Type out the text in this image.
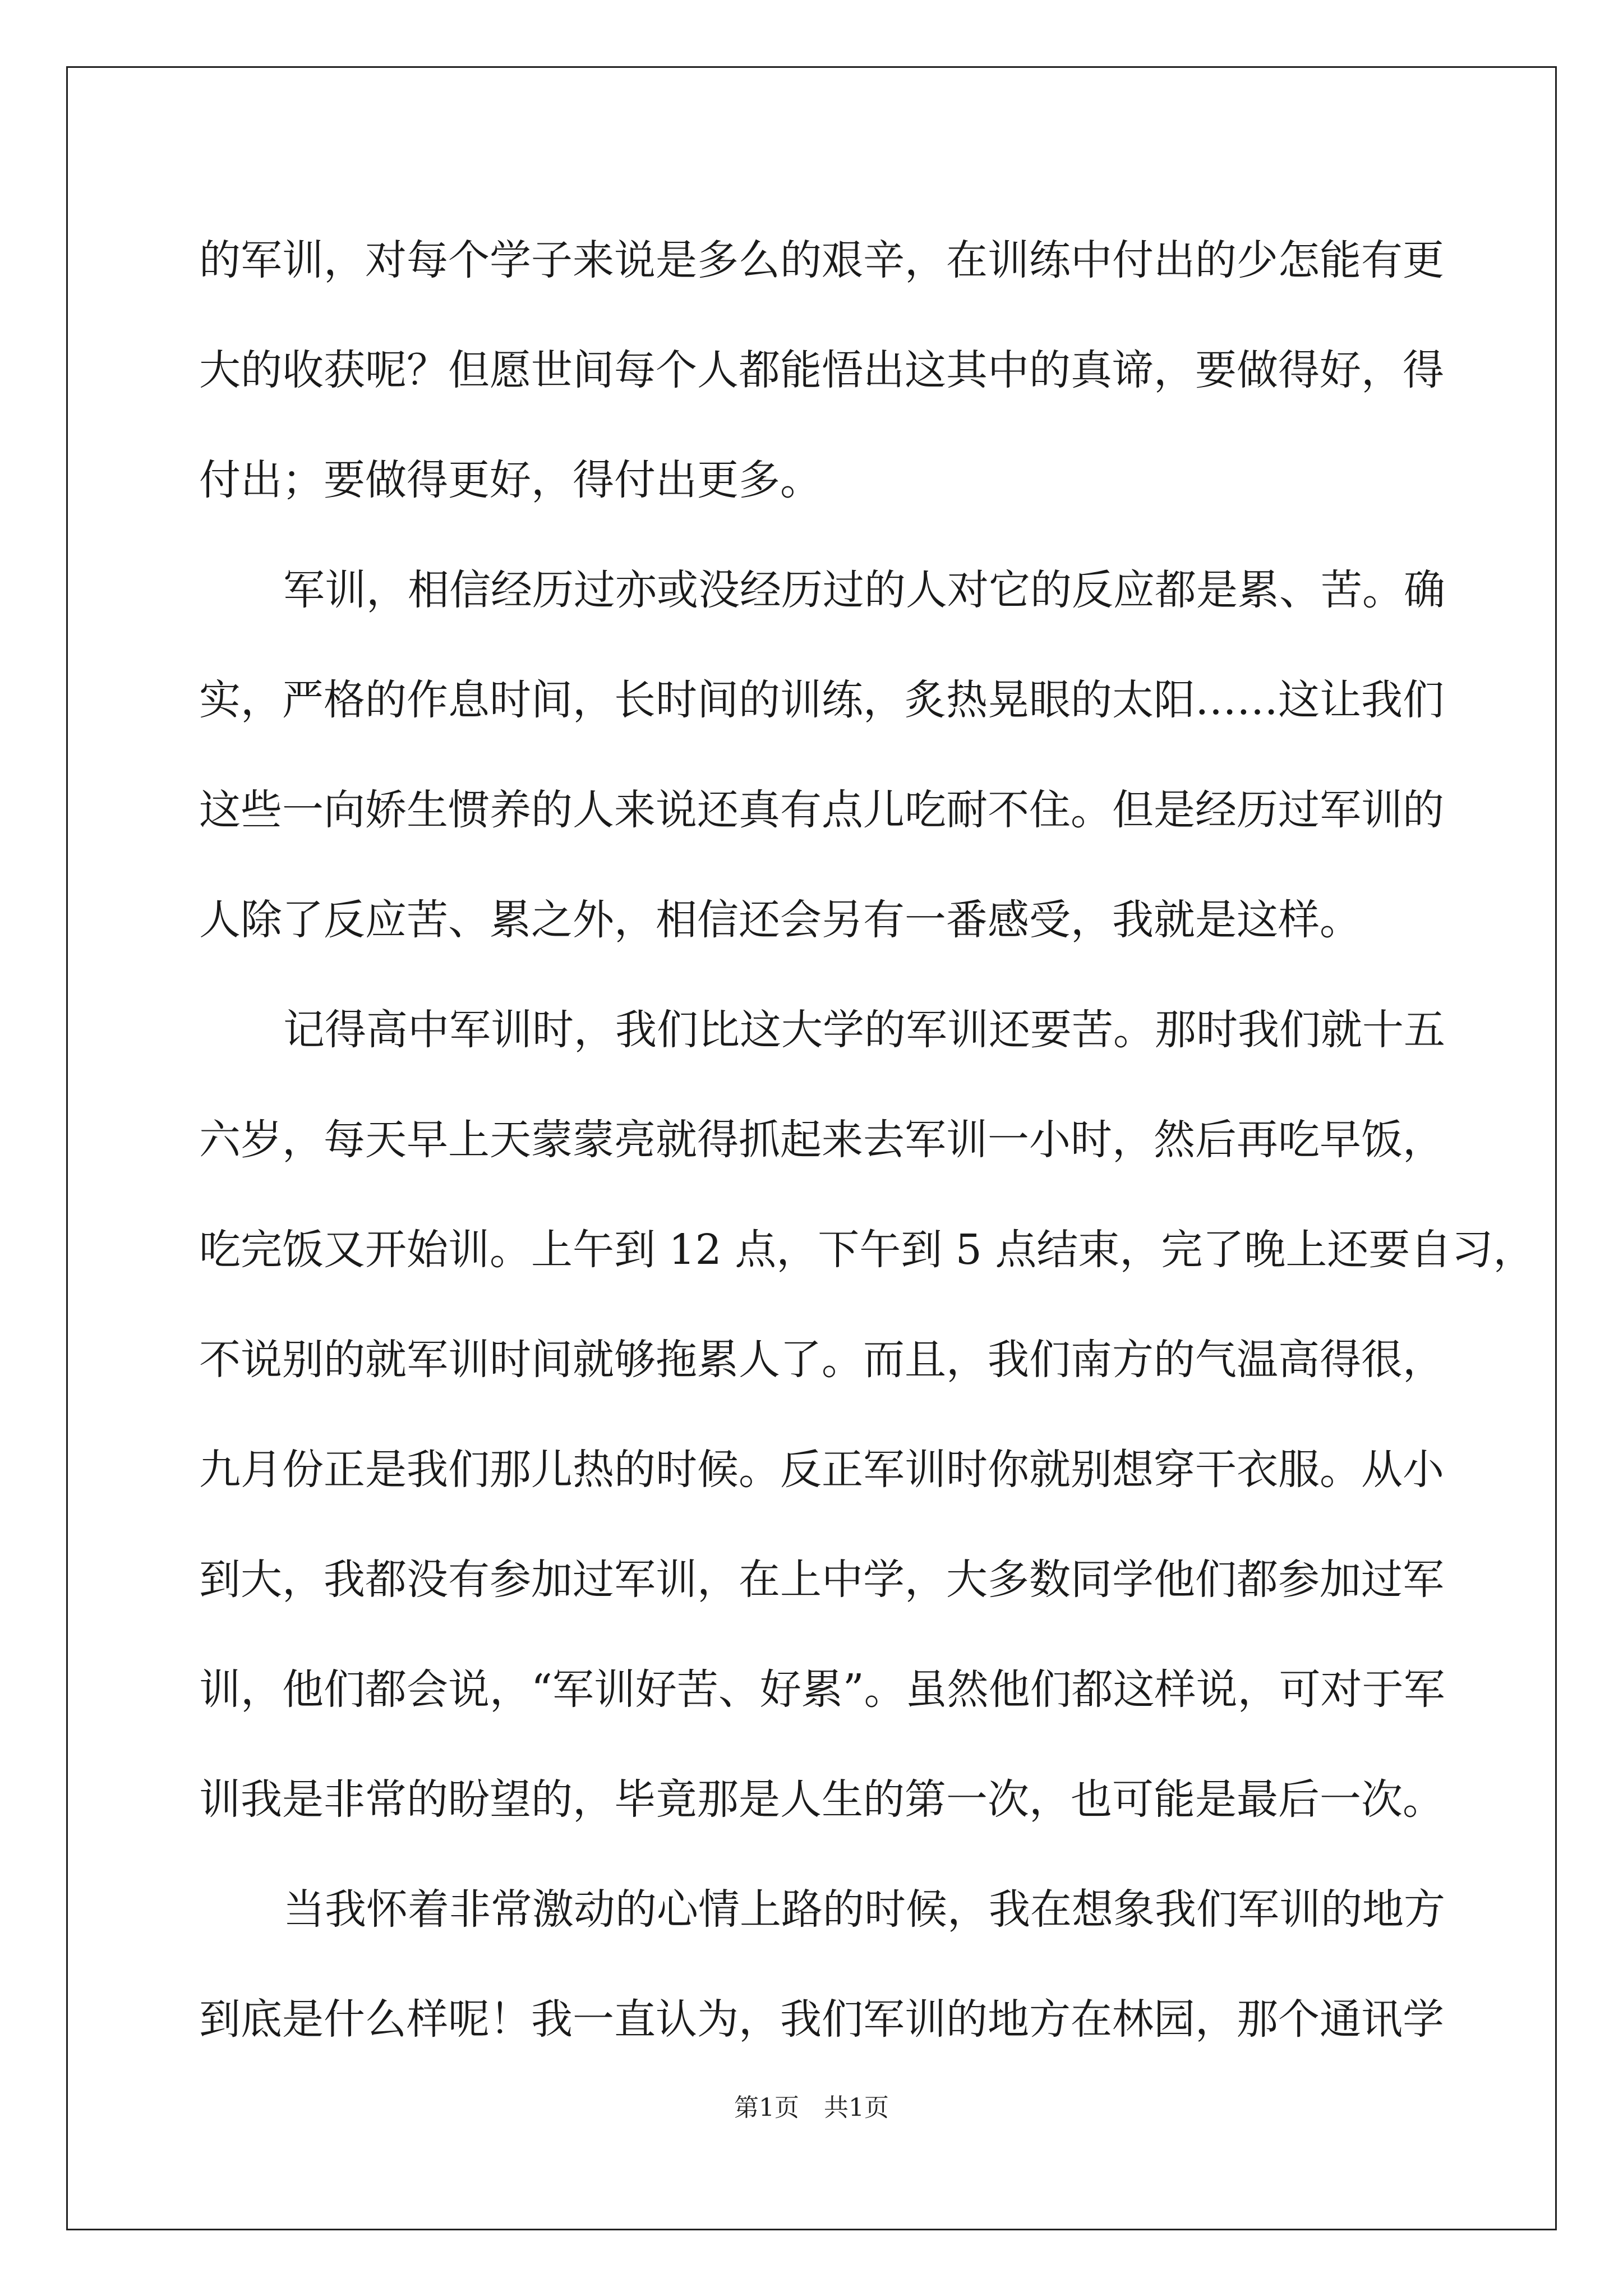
的军训，对每个学子来说是多么的艰辛，在训练中付出的少怎能有更
大的收获呢？但愿世间每个人都能悟出这其中的真谛，要做得好，得
付出；要做得更好，得付出更多。
军训，相信经历过亦或没经历过的人对它的反应都是累、苦。确
实，严格的作息时间，长时间的训练，炙热晃眼的太阳……这让我们
这些一向娇生惯养的人来说还真有点儿吃耐不住。但是经历过军训的
人除了反应苦、累之外，相信还会另有一番感受，我就是这样。
记得高中军训时，我们比这大学的军训还要苦。那时我们就十五
六岁，每天早上天蒙蒙亮就得抓起来去军训一小时，然后再吃早饭，
吃完饭又开始训。上午到 12 点，下午到 5 点结束，完了晚上还要自习，
不说别的就军训时间就够拖累人了。而且，我们南方的气温高得很，
九月份正是我们那儿热的时候。反正军训时你就别想穿干衣服。从小
到大，我都没有参加过军训，在上中学，大多数同学他们都参加过军
训，他们都会说，“军训好苦、好累”。虽然他们都这样说，可对于军
训我是非常的盼望的，毕竟那是人生的第一次，也可能是最后一次。
当我怀着非常激动的心情上路的时候，我在想象我们军训的地方
到底是什么样呢！我一直认为，我们军训的地方在林园，那个通讯学
第1页　共1页
